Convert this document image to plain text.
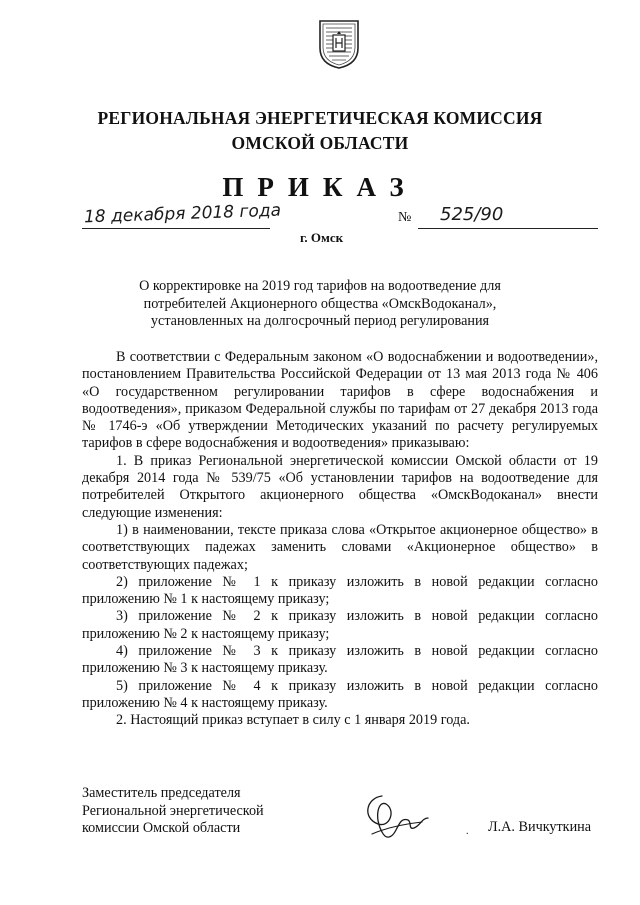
РЕГИОНАЛЬНАЯ ЭНЕРГЕТИЧЕСКАЯ КОМИССИЯ
ОМСКОЙ ОБЛАСТИ
ПРИКАЗ
18 декабря 2018 года	№ 525/90
г. Омск
О корректировке на 2019 год тарифов на водоотведение для
потребителей Акционерного общества «ОмскВодоканал»,
установленных на долгосрочный период регулирования

В соответствии с Федеральным законом «О водоснабжении и водоотведении», постановлением Правительства Российской Федерации от 13 мая 2013 года № 406 «О государственном регулировании тарифов в сфере водоснабжения и водоотведения», приказом Федеральной службы по тарифам от 27 декабря 2013 года № 1746-э «Об утверждении Методических указаний по расчету регулируемых тарифов в сфере водоснабжения и водоотведения» приказываю:

1. В приказ Региональной энергетической комиссии Омской области от 19 декабря 2014 года № 539/75 «Об установлении тарифов на водоотведение для потребителей Открытого акционерного общества «ОмскВодоканал» внести следующие изменения:

1) в наименовании, тексте приказа слова «Открытое акционерное общество» в соответствующих падежах заменить словами «Акционерное общество» в соответствующих падежах;

2) приложение № 1 к приказу изложить в новой редакции согласно приложению № 1 к настоящему приказу;

3) приложение № 2 к приказу изложить в новой редакции согласно приложению № 2 к настоящему приказу;

4) приложение № 3 к приказу изложить в новой редакции согласно приложению № 3 к настоящему приказу.

5) приложение № 4 к приказу изложить в новой редакции согласно приложению № 4 к настоящему приказу.

2. Настоящий приказ вступает в силу с 1 января 2019 года.

Заместитель председателя
Региональной энергетической
комиссии Омской области	. Л.А. Вичкуткина
